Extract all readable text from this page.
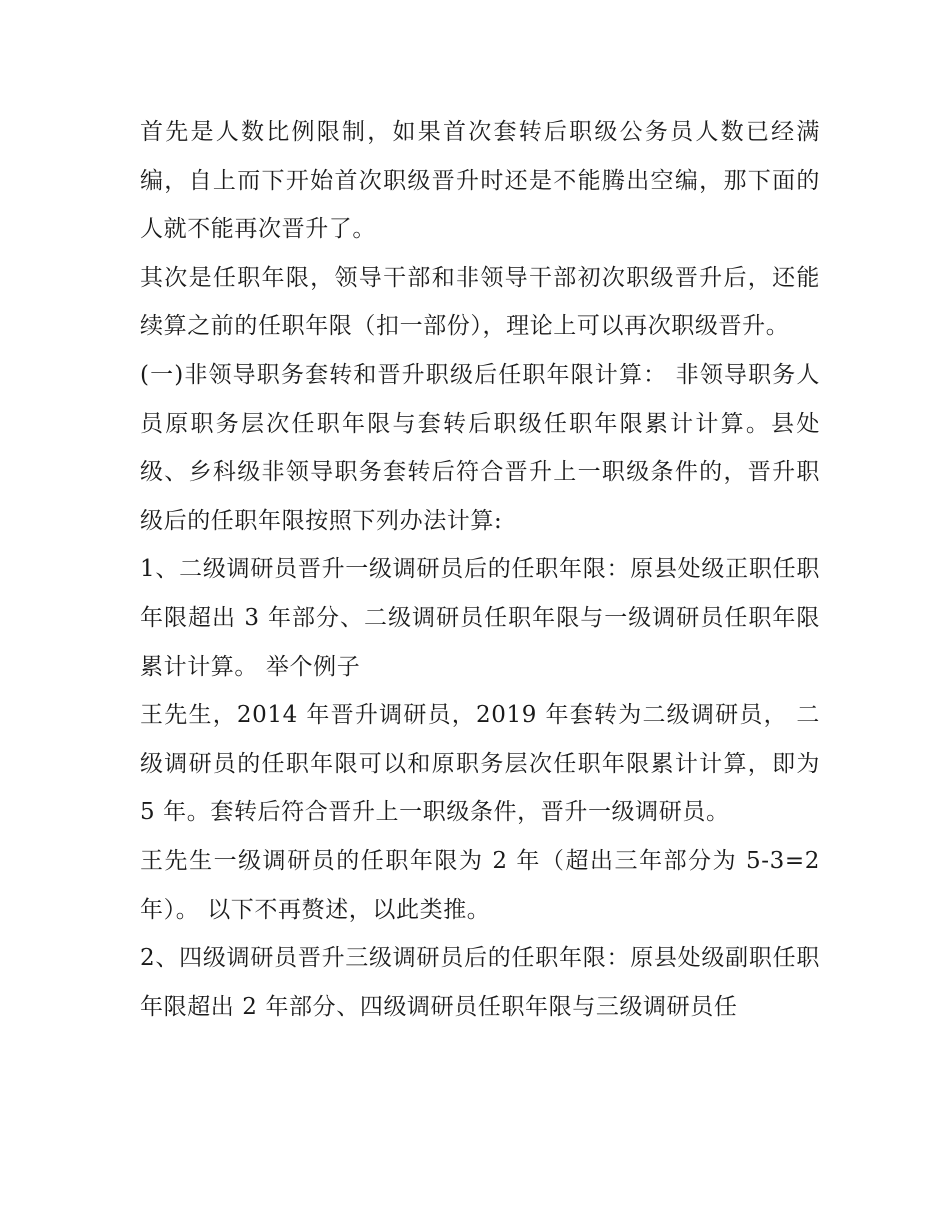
首先是人数比例限制，如果首次套转后职级公务员人数已经满编，自上而下开始首次职级晋升时还是不能腾出空编，那下面的人就不能再次晋升了。

其次是任职年限，领导干部和非领导干部初次职级晋升后，还能续算之前的任职年限（扣一部份），理论上可以再次职级晋升。

(一)非领导职务套转和晋升职级后任职年限计算： 非领导职务人员原职务层次任职年限与套转后职级任职年限累计计算。县处级、乡科级非领导职务套转后符合晋升上一职级条件的，晋升职级后的任职年限按照下列办法计算:

1、二级调研员晋升一级调研员后的任职年限：原县处级正职任职年限超出 3 年部分、二级调研员任职年限与一级调研员任职年限累计计算。 举个例子

王先生，2014 年晋升调研员，2019 年套转为二级调研员， 二级调研员的任职年限可以和原职务层次任职年限累计计算，即为 5 年。套转后符合晋升上一职级条件，晋升一级调研员。

王先生一级调研员的任职年限为 2 年（超出三年部分为 5-3=2 年）。 以下不再赘述，以此类推。

2、四级调研员晋升三级调研员后的任职年限：原县处级副职任职年限超出 2 年部分、四级调研员任职年限与三级调研员任
